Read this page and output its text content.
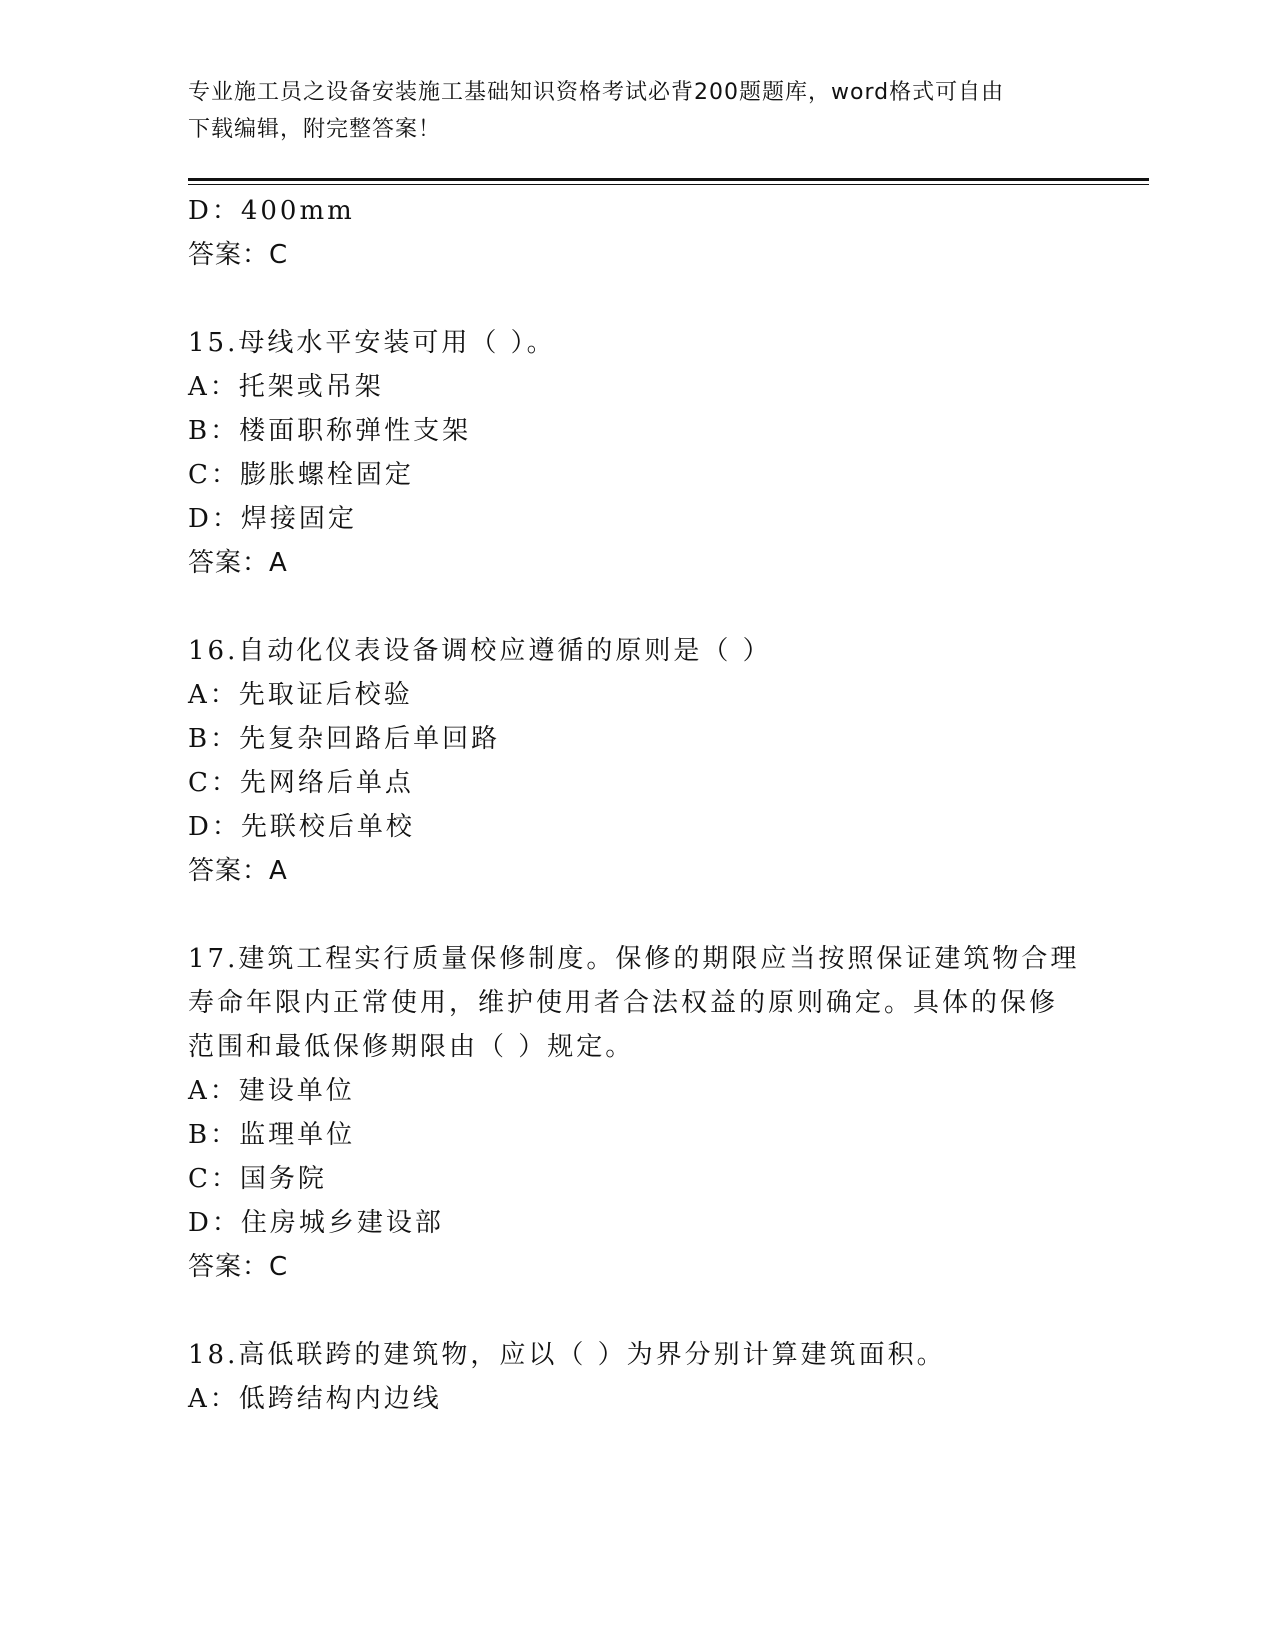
专业施工员之设备安装施工基础知识资格考试必背200题题库，word格式可自由
下载编辑，附完整答案！
D：400mm
答案：C
15.母线水平安装可用（ ）。
A：托架或吊架
B：楼面职称弹性支架
C：膨胀螺栓固定
D：焊接固定
答案：A
16.自动化仪表设备调校应遵循的原则是（ ）
A：先取证后校验
B：先复杂回路后单回路
C：先网络后单点
D：先联校后单校
答案：A
17.建筑工程实行质量保修制度。保修的期限应当按照保证建筑物合理
寿命年限内正常使用，维护使用者合法权益的原则确定。具体的保修
范围和最低保修期限由（ ）规定。
A：建设单位
B：监理单位
C：国务院
D：住房城乡建设部
答案：C
18.高低联跨的建筑物，应以（ ）为界分别计算建筑面积。
A：低跨结构内边线
